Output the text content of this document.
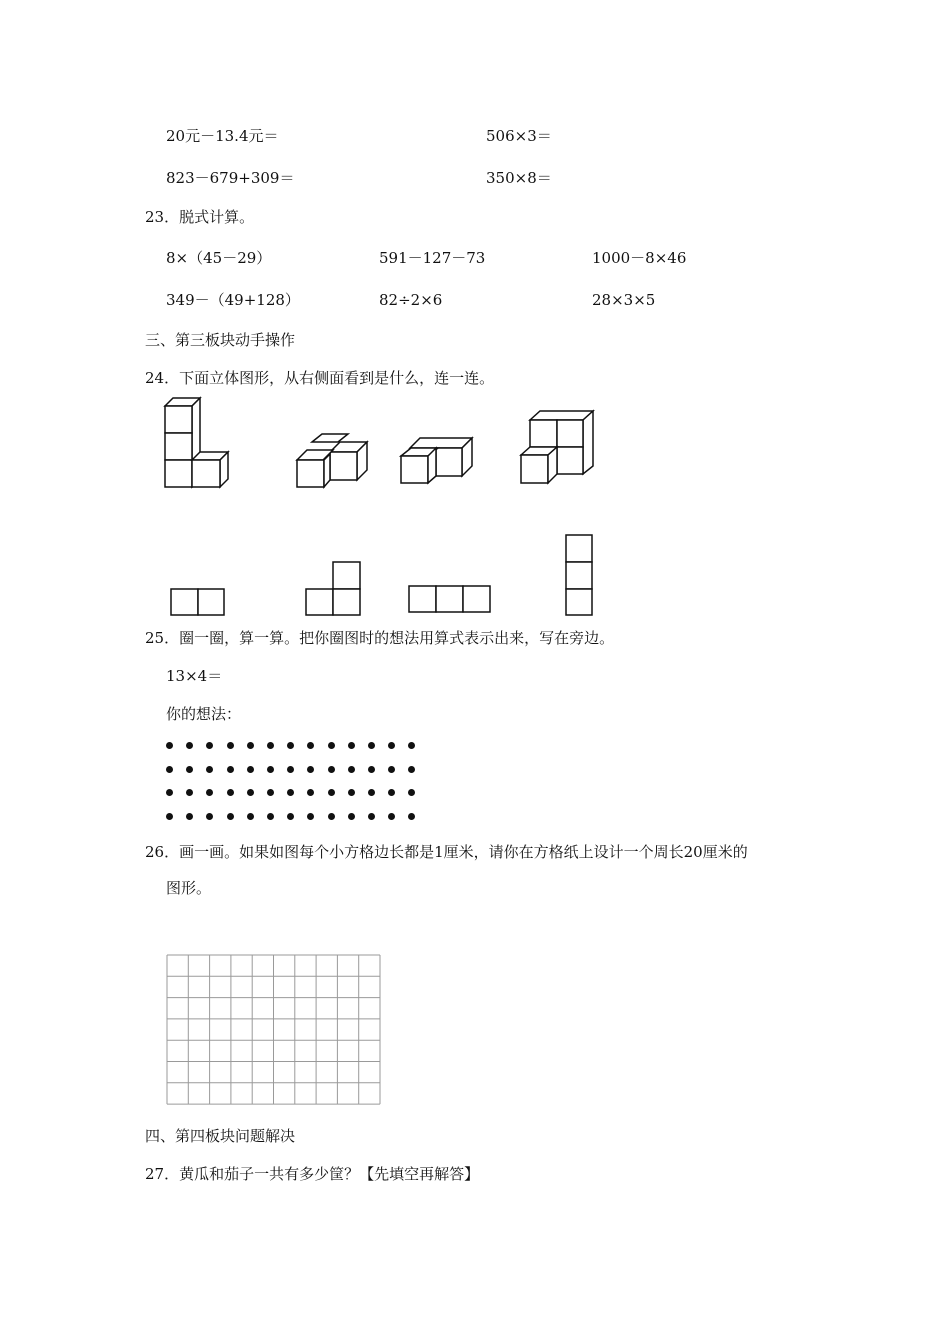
20元－13.4元＝	506×3＝
823－679+309＝	350×8＝
23．脱式计算。
8×（45－29）	591－127－73	1000－8×46
349－（49+128）	82÷2×6	28×3×5
三、第三板块动手操作
24．下面立体图形，从右侧面看到是什么，连一连。
25．圈一圈，算一算。把你圈图时的想法用算式表示出来，写在旁边。
13×4＝
你的想法：
26．画一画。如果如图每个小方格边长都是1厘米，请你在方格纸上设计一个周长20厘米的
图形。
四、第四板块问题解决
27．黄瓜和茄子一共有多少筐？【先填空再解答】
